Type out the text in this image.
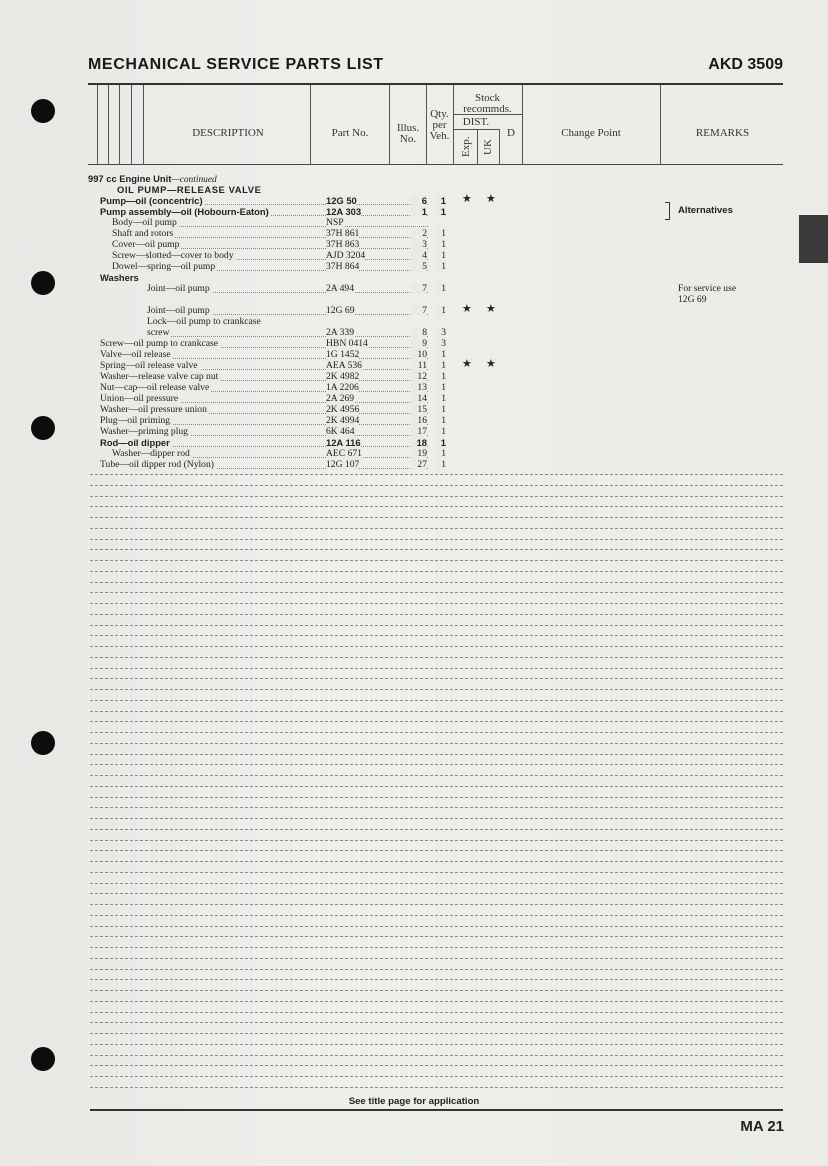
MECHANICAL SERVICE PARTS LIST	AKD 3509
DESCRIPTION	Part No.	Illus.
No.
Qty.
per
Veh.
Stock
recommds.
DIST.
Exp. UK
D	Change Point	REMARKS
997 cc Engine Unit—continued
OIL PUMP—RELEASE VALVE
Pump—oil (concentric)	12G 50	6	1 ★ ★
Pump assembly—oil (Hobourn-Eaton)	12A 303	1	1
Body—oil pump	NSP
Shaft and rotors	37H 861	2	1
Cover—oil pump	37H 863	3	1
Screw—slotted—cover to body	AJD 3204	4	1
Dowel—spring—oil pump	37H 864	5	1
Washers
Joint—oil pump	2A 494	7	1	For service use
12G 69
Joint—oil pump	12G 69	7	1 ★ ★
Lock—oil pump to crankcase
screw	2A 339	8	3
Screw—oil pump to crankcase	HBN 0414	9	3
Valve—oil release	1G 1452	10	1
Spring—oil release valve	AEA 536	11	1 ★ ★
Washer—release valve cap nut	2K 4982	12	1
Nut—cap—oil release valve	1A 2206	13	1
Union—oil pressure	2A 269	14	1
Washer—oil pressure union	2K 4956	15	1
Plug—oil priming	2K 4994	16	1
Washer—priming plug	6K 464	17	1
Rod—oil dipper	12A 116	18	1
Washer—dipper rod	AEC 671	19	1
Tube—oil dipper rod (Nylon)	12G 107	27	1
Alternatives
See title page for application
MA 21
